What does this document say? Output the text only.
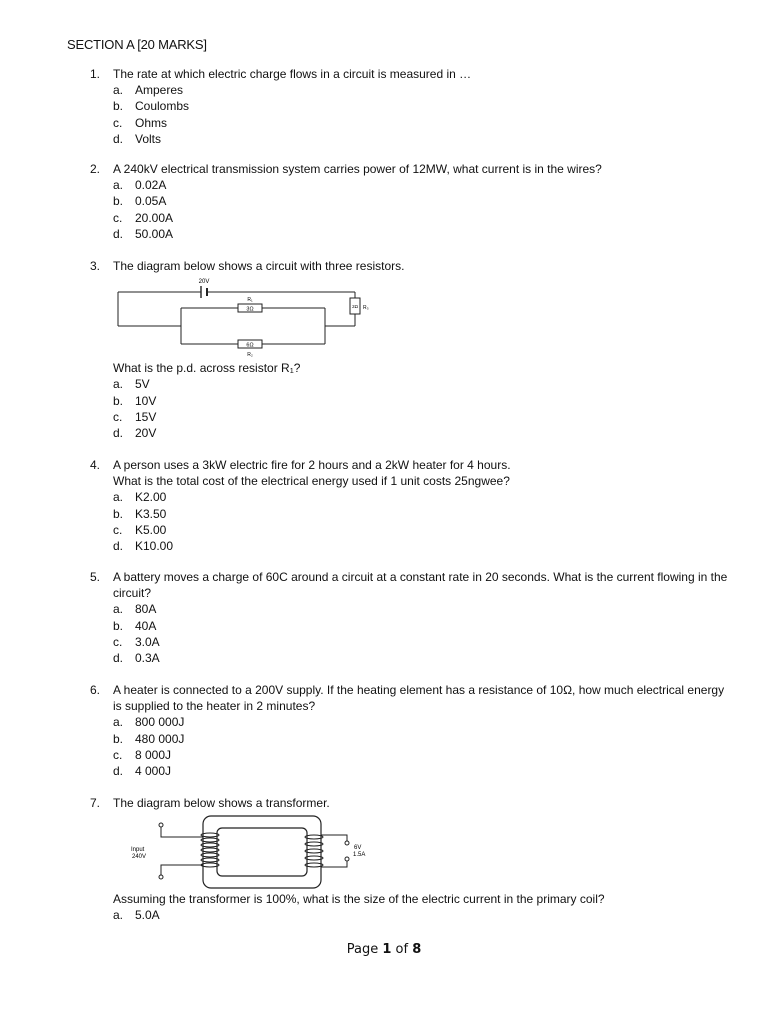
SECTION A [20 MARKS]
1.	The rate at which electric charge flows in a circuit is measured in …
a. Amperes
b. Coulombs
c.	Ohms
d. Volts
2.	A 240kV electrical transmission system carries power of 12MW, what current is in the wires?
a. 0.02A
b. 0.05A
c.	20.00A
d. 50.00A
3.	The diagram below shows a circuit with three resistors.
20V
R₁
3Ω
6Ω
R₂
2Ω R₃
What is the p.d. across resistor R₁?
a. 5V
b. 10V
c.	15V
d. 20V
4.	A person uses a 3kW electric fire for 2 hours and a 2kW heater for 4 hours.
What is the total cost of the electrical energy used if 1 unit costs 25ngwee?
a. K2.00
b. K3.50
c.	K5.00
d. K10.00
5.	A battery moves a charge of 60C around a circuit at a constant rate in 20 seconds. What is the current flowing in the circuit?
a. 80A
b. 40A
c.	3.0A
d. 0.3A
6.	A heater is connected to a 200V supply. If the heating element has a resistance of 10Ω, how much electrical energy is supplied to the heater in 2 minutes?
a. 800 000J
b. 480 000J
c.	8 000J
d. 4 000J
7.	The diagram below shows a transformer.
Input
240V
6V
1.5A
Assuming the transformer is 100%, what is the size of the electric current in the primary coil?
a. 5.0A
Page 1 of 8
